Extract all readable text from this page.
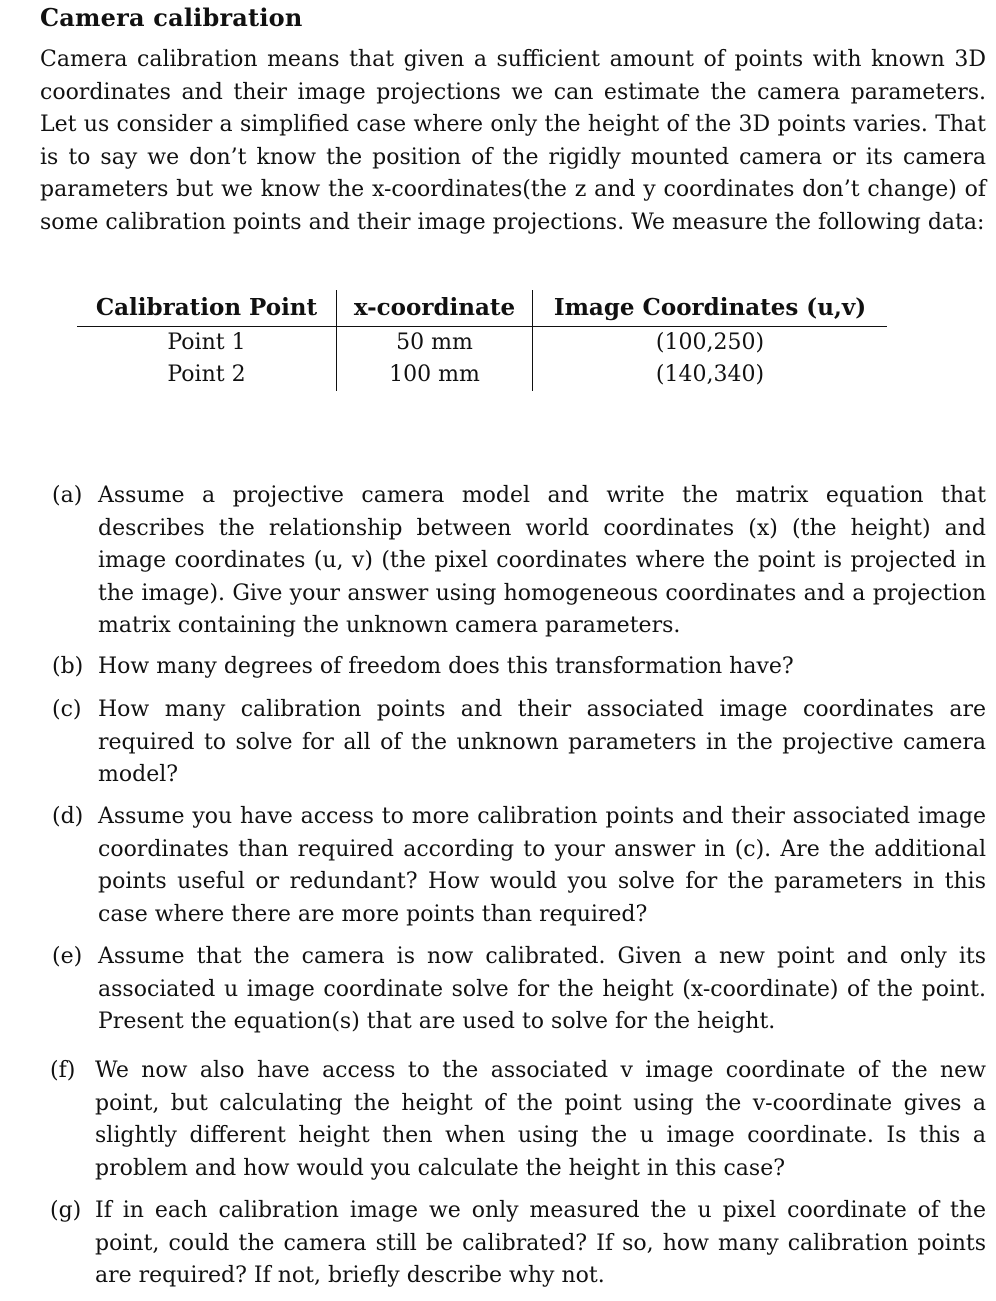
Camera calibration
Camera calibration means that given a sufficient amount of points with known 3D coordinates and their image projections we can estimate the camera parameters. Let us consider a simplified case where only the height of the 3D points varies. That is to say we don’t know the position of the rigidly mounted camera or its camera parameters but we know the x-coordinates(the z and y coordinates don’t change) of some calibration points and their image projections. We measure the following data:
Calibration Point	x-coordinate	Image Coordinates (u,v)
Point 1	50 mm	(100,250)
Point 2	100 mm	(140,340)
(a) Assume a projective camera model and write the matrix equation that describes the relationship between world coordinates (x) (the height) and image coordinates (u, v) (the pixel coordinates where the point is projected in the image). Give your answer using homogeneous coordinates and a projection matrix containing the unknown camera parameters.
(b) How many degrees of freedom does this transformation have?
(c) How many calibration points and their associated image coordinates are required to solve for all of the unknown parameters in the projective camera model?
(d) Assume you have access to more calibration points and their associated image coordinates than required according to your answer in (c). Are the additional points useful or redundant? How would you solve for the parameters in this case where there are more points than required?
(e) Assume that the camera is now calibrated. Given a new point and only its associated u image coordinate solve for the height (x-coordinate) of the point. Present the equation(s) that are used to solve for the height.
(f) We now also have access to the associated v image coordinate of the new point, but calculating the height of the point using the v-coordinate gives a slightly different height then when using the u image coordinate. Is this a problem and how would you calculate the height in this case?
(g) If in each calibration image we only measured the u pixel coordinate of the point, could the camera still be calibrated? If so, how many calibration points are required? If not, briefly describe why not.
